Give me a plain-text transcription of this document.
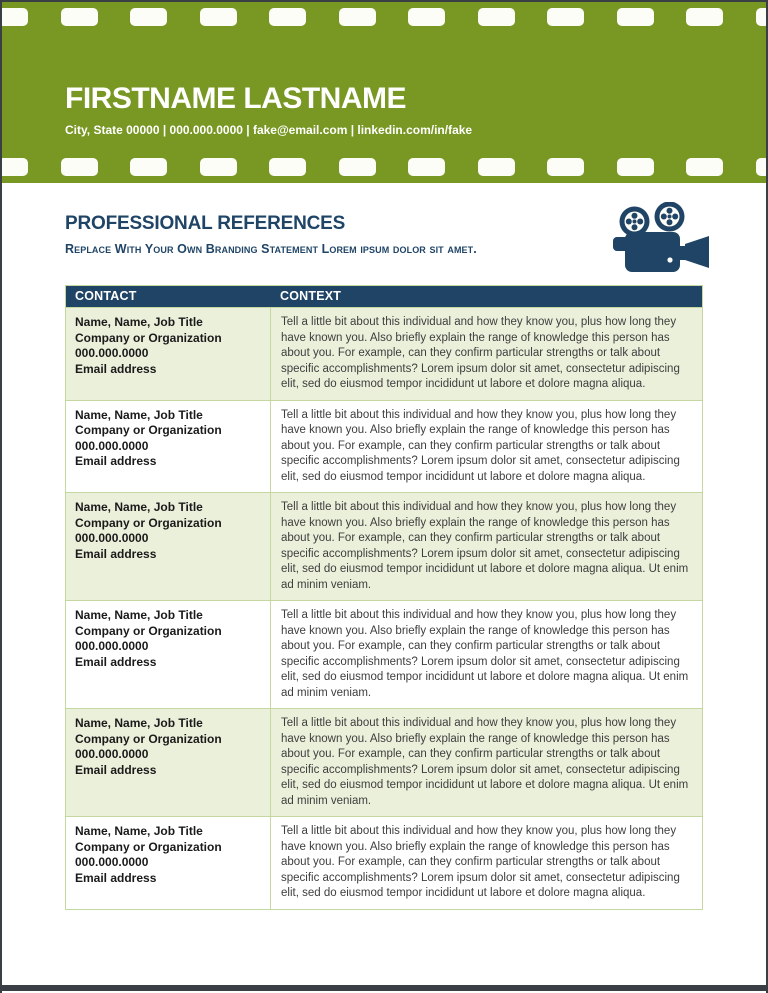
FIRSTNAME LASTNAME
City, State 00000 | 000.000.0000 | fake@email.com | linkedin.com/in/fake
PROFESSIONAL REFERENCES
Replace With Your Own Branding Statement Lorem ipsum dolor sit amet.
CONTACT	CONTEXT
Name, Name, Job Title
Company or Organization
000.000.0000
Email address
Tell a little bit about this individual and how they know you, plus how long they have known you. Also briefly explain the range of knowledge this person has about you. For example, can they confirm particular strengths or talk about specific accomplishments? Lorem ipsum dolor sit amet, consectetur adipiscing elit, sed do eiusmod tempor incididunt ut labore et dolore magna aliqua.
Name, Name, Job Title
Company or Organization
000.000.0000
Email address
Tell a little bit about this individual and how they know you, plus how long they have known you. Also briefly explain the range of knowledge this person has about you. For example, can they confirm particular strengths or talk about specific accomplishments? Lorem ipsum dolor sit amet, consectetur adipiscing elit, sed do eiusmod tempor incididunt ut labore et dolore magna aliqua.
Name, Name, Job Title
Company or Organization
000.000.0000
Email address
Tell a little bit about this individual and how they know you, plus how long they have known you. Also briefly explain the range of knowledge this person has about you. For example, can they confirm particular strengths or talk about specific accomplishments? Lorem ipsum dolor sit amet, consectetur adipiscing elit, sed do eiusmod tempor incididunt ut labore et dolore magna aliqua. Ut enim ad minim veniam.
Name, Name, Job Title
Company or Organization
000.000.0000
Email address
Tell a little bit about this individual and how they know you, plus how long they have known you. Also briefly explain the range of knowledge this person has about you. For example, can they confirm particular strengths or talk about specific accomplishments? Lorem ipsum dolor sit amet, consectetur adipiscing elit, sed do eiusmod tempor incididunt ut labore et dolore magna aliqua. Ut enim ad minim veniam.
Name, Name, Job Title
Company or Organization
000.000.0000
Email address
Tell a little bit about this individual and how they know you, plus how long they have known you. Also briefly explain the range of knowledge this person has about you. For example, can they confirm particular strengths or talk about specific accomplishments? Lorem ipsum dolor sit amet, consectetur adipiscing elit, sed do eiusmod tempor incididunt ut labore et dolore magna aliqua. Ut enim ad minim veniam.
Name, Name, Job Title
Company or Organization
000.000.0000
Email address
Tell a little bit about this individual and how they know you, plus how long they have known you. Also briefly explain the range of knowledge this person has about you. For example, can they confirm particular strengths or talk about specific accomplishments? Lorem ipsum dolor sit amet, consectetur adipiscing elit, sed do eiusmod tempor incididunt ut labore et dolore magna aliqua.
